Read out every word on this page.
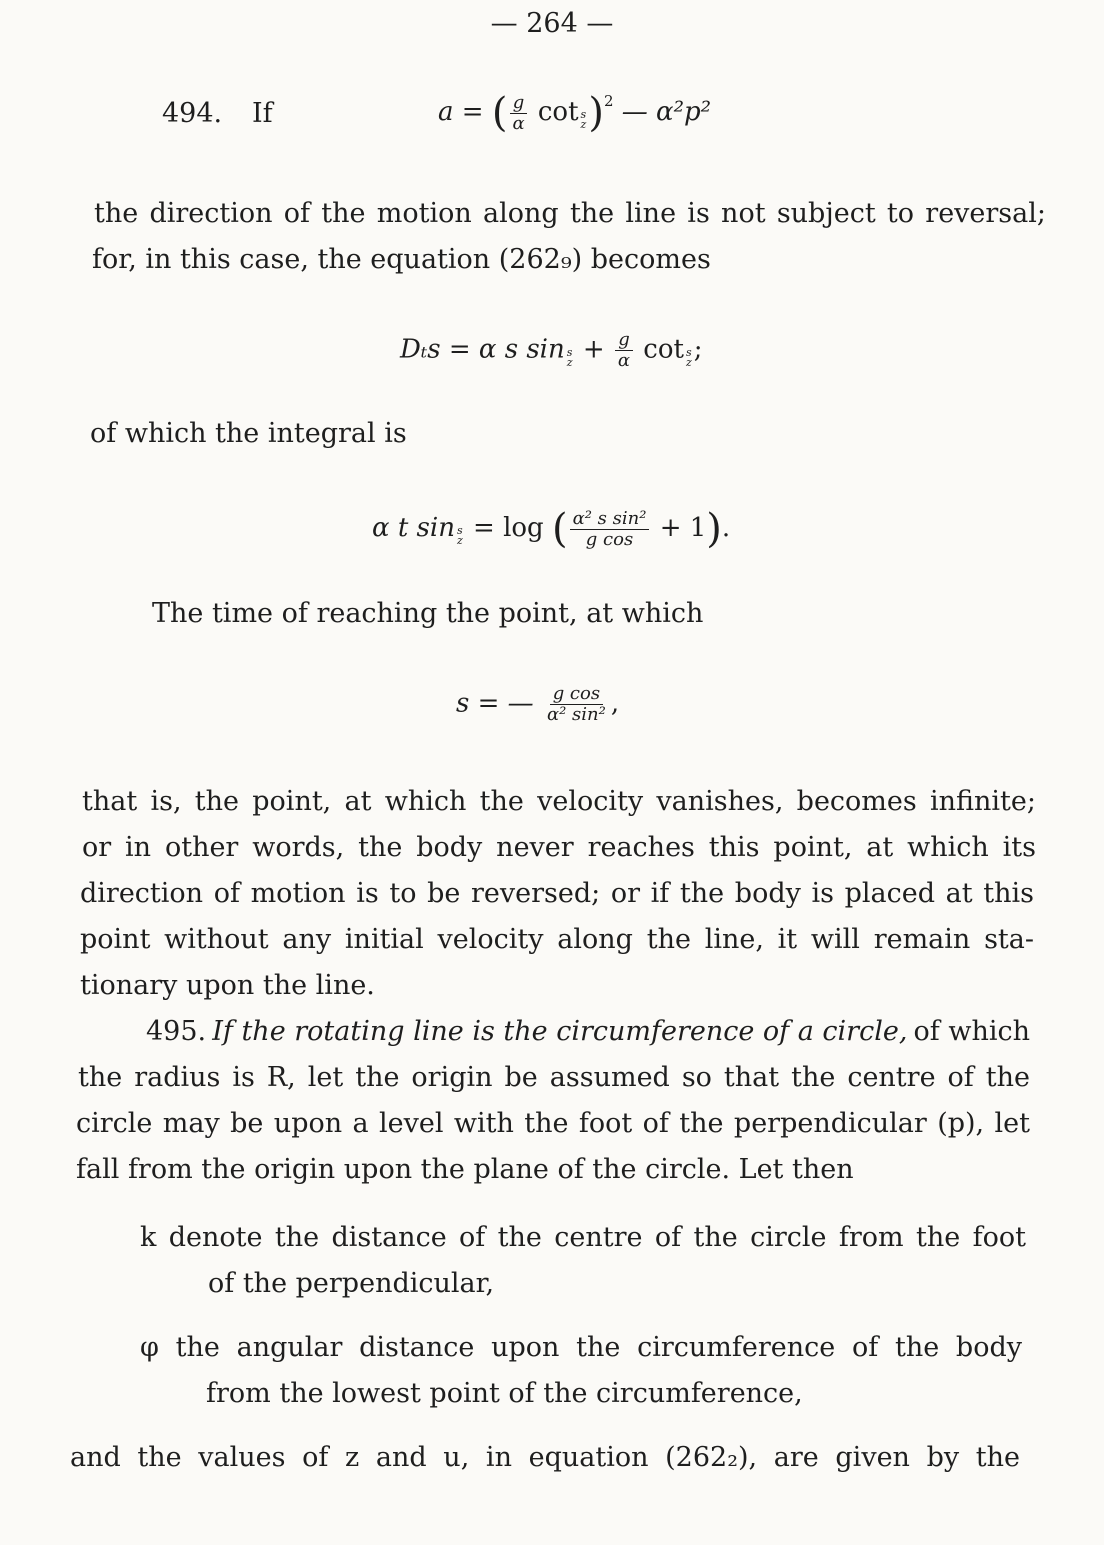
— 264 —
494. If	a = ( $\frac{g}{\alpha}$ cot s
z )$^2$ — α²p²
the direction of the motion along the line is not subject to reversal;
for, in this case, the equation (262₉) becomes
Dₜs = α s sin s
$z + \frac{g}{\alpha}$ cot s
z ;
of which the integral is
α t sin s
z = log ( $\frac{\text{α² s sin²}}{\text{g cos}} + 1$).
The time of reaching the point, at which
s = — $\frac{\text{g cos}}{\text{α² sin²}}$ ,
that is, the point, at which the velocity vanishes, becomes infinite;
or in other words, the body never reaches this point, at which its
direction of motion is to be reversed; or if the body is placed at this
point without any initial velocity along the line, it will remain sta-
tionary upon the line.
495. If the rotating line is the circumference of a circle, of which
the radius is R, let the origin be assumed so that the centre of the
circle may be upon a level with the foot of the perpendicular (p), let
fall from the origin upon the plane of the circle. Let then
k denote the distance of the centre of the circle from the foot
of the perpendicular,
φ the angular distance upon the circumference of the body
from the lowest point of the circumference,
and the values of z and u, in equation (262₂), are given by the
